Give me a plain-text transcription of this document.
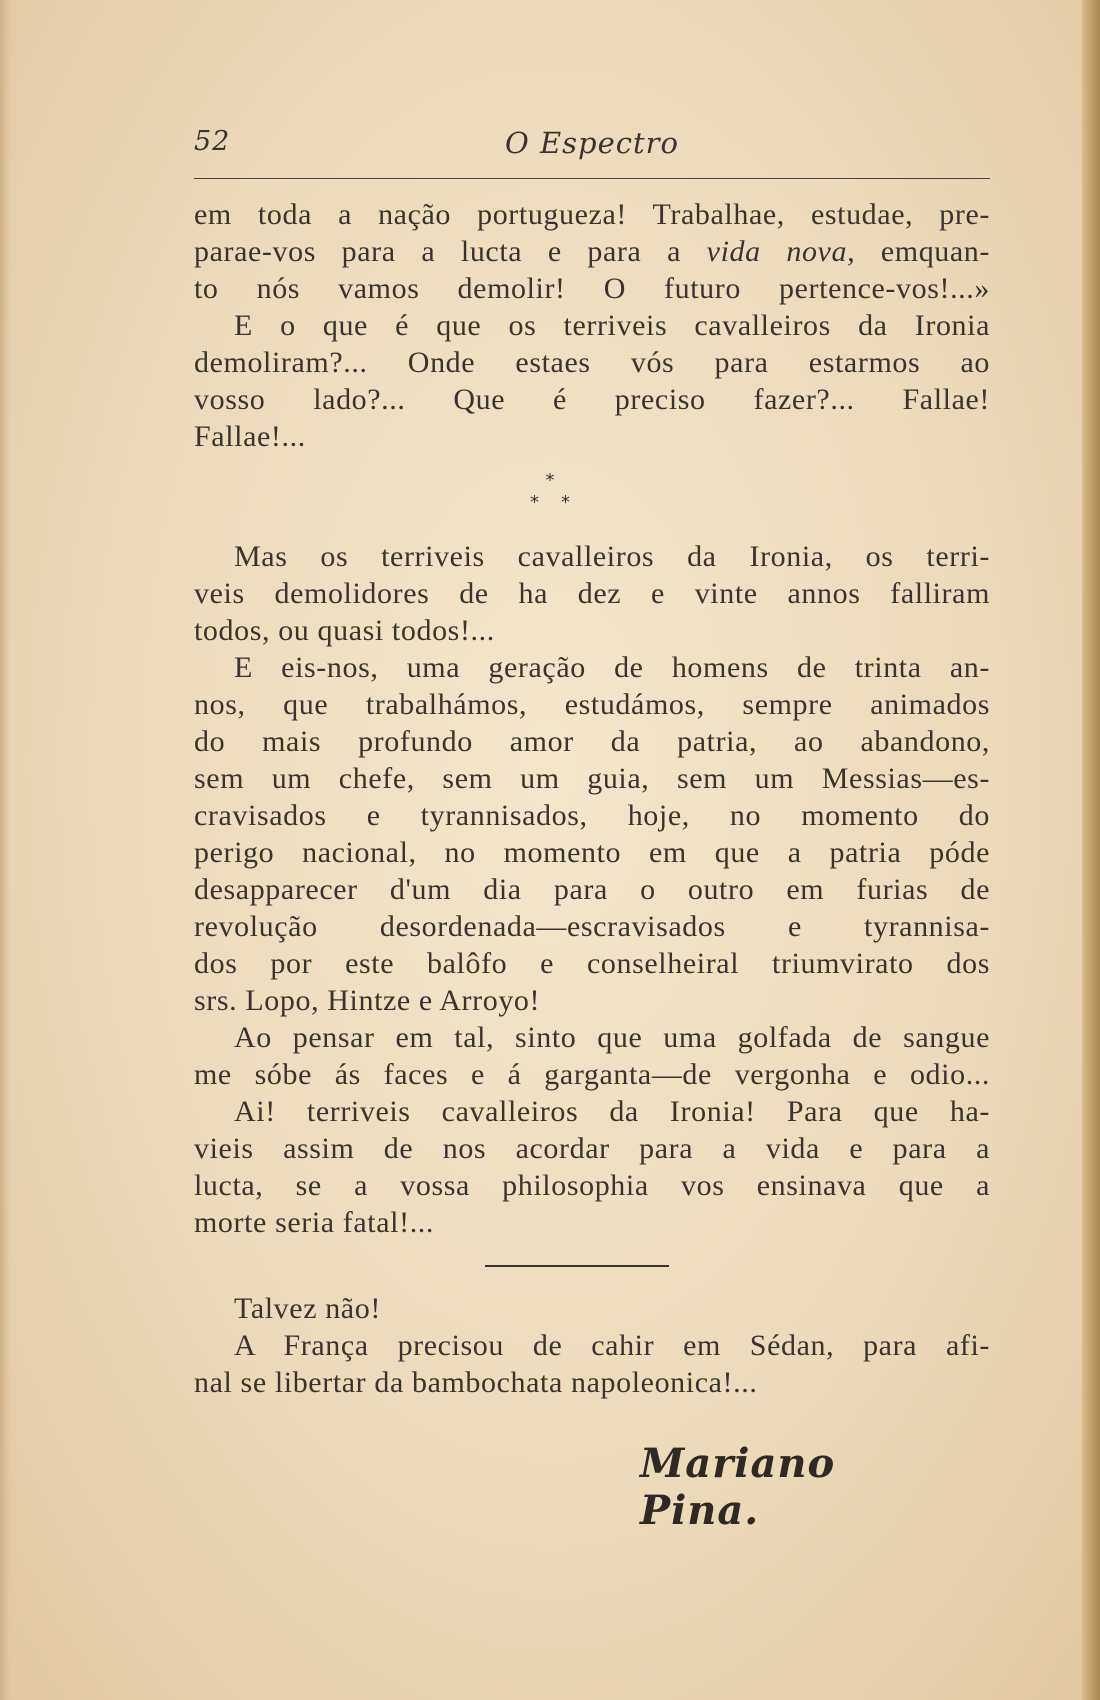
52	O Espectro
em toda a nação portugueza! Trabalhae, estudae, pre-
parae-vos para a lucta e para a vida nova, emquan-
to nós vamos demolir! O futuro pertence-vos!...»
E o que é que os terriveis cavalleiros da Ironia
demoliram?... Onde estaes vós para estarmos ao
vosso lado?... Que é preciso fazer?... Fallae!
Fallae!...
*
**
Mas os terriveis cavalleiros da Ironia, os terri-
veis demolidores de ha dez e vinte annos falliram
todos, ou quasi todos!...
E eis-nos, uma geração de homens de trinta an-
nos, que trabalhámos, estudámos, sempre animados
do mais profundo amor da patria, ao abandono,
sem um chefe, sem um guia, sem um Messias—es-
cravisados e tyrannisados, hoje, no momento do
perigo nacional, no momento em que a patria póde
desapparecer d'um dia para o outro em furias de
revolução desordenada—escravisados e tyrannisa-
dos por este balôfo e conselheiral triumvirato dos
srs. Lopo, Hintze e Arroyo!
Ao pensar em tal, sinto que uma golfada de sangue
me sóbe ás faces e á garganta—de vergonha e odio...
Ai! terriveis cavalleiros da Ironia! Para que ha-
vieis assim de nos acordar para a vida e para a
lucta, se a vossa philosophia vos ensinava que a
morte seria fatal!...
Talvez não!
A França precisou de cahir em Sédan, para afi-
nal se libertar da bambochata napoleonica!...
Mariano Pina.
